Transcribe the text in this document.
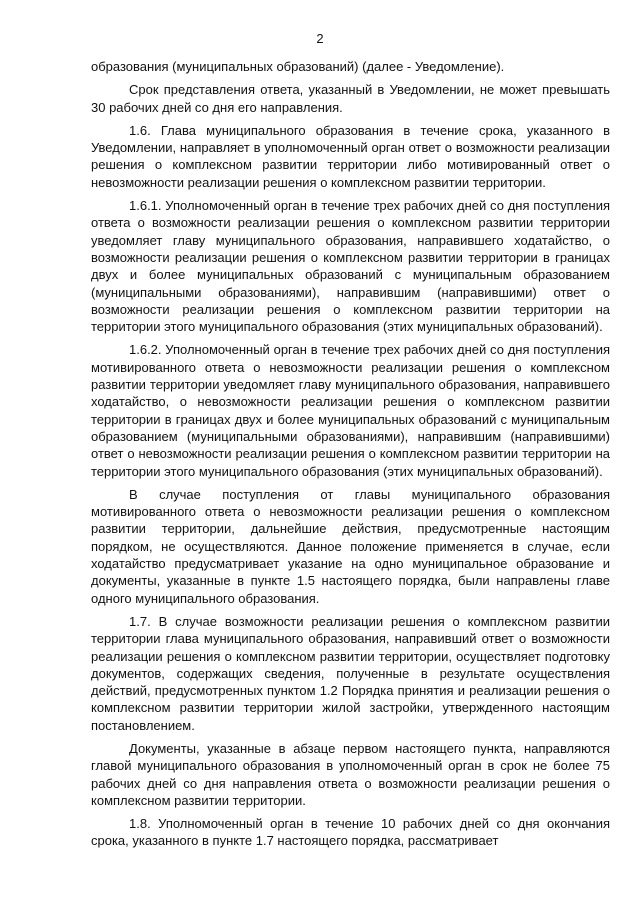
2

образования (муниципальных образований) (далее - Уведомление).

Срок представления ответа, указанный в Уведомлении, не может превышать 30 рабочих дней со дня его направления.

1.6. Глава муниципального образования в течение срока, указанного в Уведомлении, направляет в уполномоченный орган ответ о возможности реализации решения о комплексном развитии территории либо мотивированный ответ о невозможности реализации решения о комплексном развитии территории.

1.6.1. Уполномоченный орган в течение трех рабочих дней со дня поступления ответа о возможности реализации решения о комплексном развитии территории уведомляет главу муниципального образования, направившего ходатайство, о возможности реализации решения о комплексном развитии территории в границах двух и более муниципальных образований с муниципальным образованием (муниципальными образованиями), направившим (направившими) ответ о возможности реализации решения о комплексном развитии территории на территории этого муниципального образования (этих муниципальных образований).

1.6.2. Уполномоченный орган в течение трех рабочих дней со дня поступления мотивированного ответа о невозможности реализации решения о комплексном развитии территории уведомляет главу муниципального образования, направившего ходатайство, о невозможности реализации решения о комплексном развитии территории в границах двух и более муниципальных образований с муниципальным образованием (муниципальными образованиями), направившим (направившими) ответ о невозможности реализации решения о комплексном развитии территории на территории этого муниципального образования (этих муниципальных образований).

В случае поступления от главы муниципального образования мотивированного ответа о невозможности реализации решения о комплексном развитии территории, дальнейшие действия, предусмотренные настоящим порядком, не осуществляются. Данное положение применяется в случае, если ходатайство предусматривает указание на одно муниципальное образование и документы, указанные в пункте 1.5 настоящего порядка, были направлены главе одного муниципального образования.

1.7. В случае возможности реализации решения о комплексном развитии территории глава муниципального образования, направивший ответ о возможности реализации решения о комплексном развитии территории, осуществляет подготовку документов, содержащих сведения, полученные в результате осуществления действий, предусмотренных пунктом 1.2 Порядка принятия и реализации решения о комплексном развитии территории жилой застройки, утвержденного настоящим постановлением.

Документы, указанные в абзаце первом настоящего пункта, направляются главой муниципального образования в уполномоченный орган в срок не более 75 рабочих дней со дня направления ответа о возможности реализации решения о комплексном развитии территории.

1.8. Уполномоченный орган в течение 10 рабочих дней со дня окончания срока, указанного в пункте 1.7 настоящего порядка, рассматривает
